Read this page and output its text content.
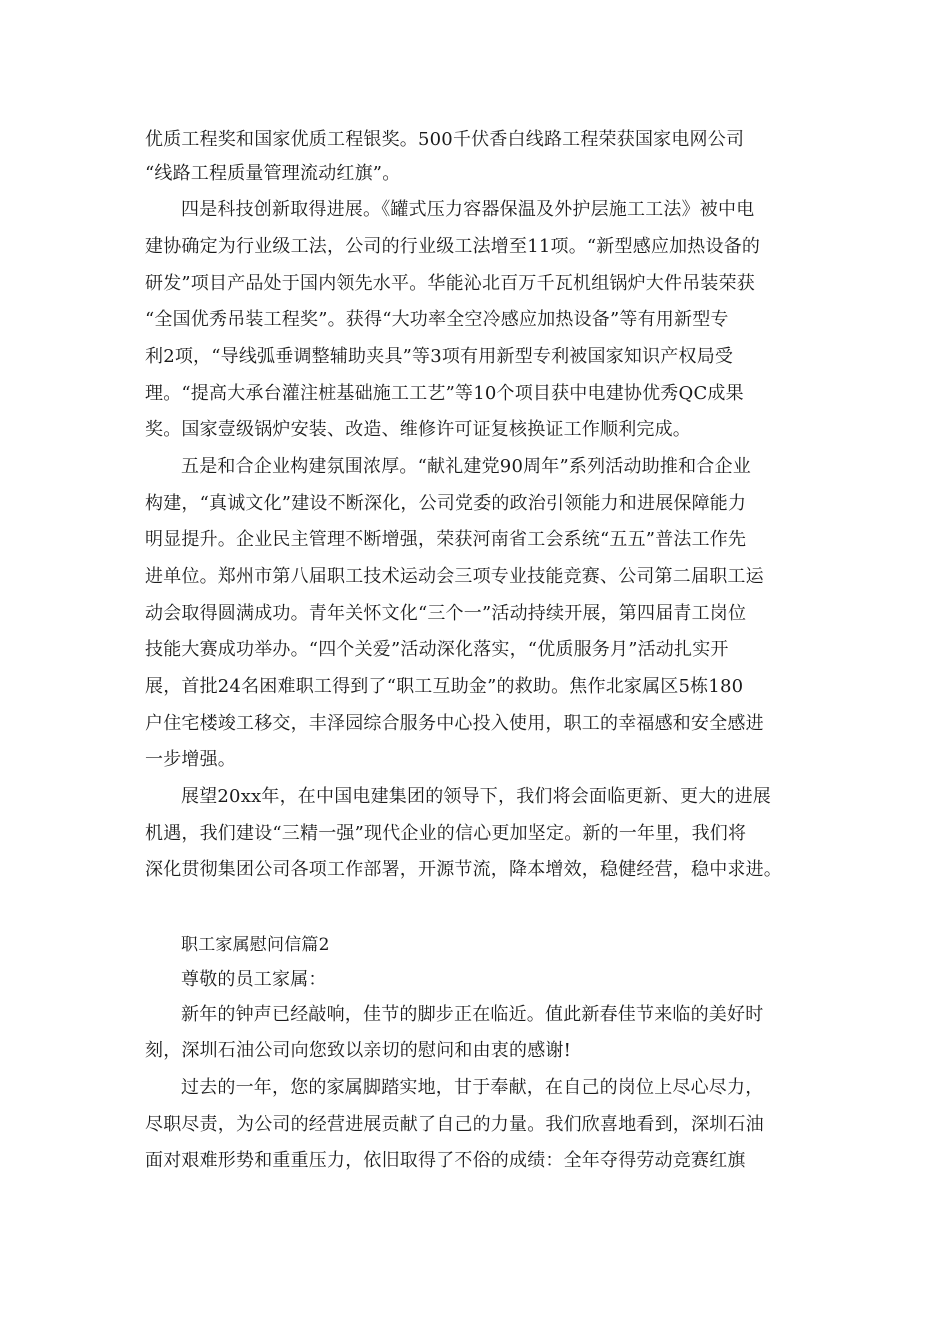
优质工程奖和国家优质工程银奖。500千伏香白线路工程荣获国家电网公司
“线路工程质量管理流动红旗”。
四是科技创新取得进展。《罐式压力容器保温及外护层施工工法》被中电
建协确定为行业级工法，公司的行业级工法增至11项。“新型感应加热设备的
研发”项目产品处于国内领先水平。华能沁北百万千瓦机组锅炉大件吊装荣获
“全国优秀吊装工程奖”。获得“大功率全空冷感应加热设备”等有用新型专
利2项，“导线弧垂调整辅助夹具”等3项有用新型专利被国家知识产权局受
理。“提高大承台灌注桩基础施工工艺”等10个项目获中电建协优秀QC成果
奖。国家壹级锅炉安装、改造、维修许可证复核换证工作顺利完成。
五是和合企业构建氛围浓厚。“献礼建党90周年”系列活动助推和合企业
构建，“真诚文化”建设不断深化，公司党委的政治引领能力和进展保障能力
明显提升。企业民主管理不断增强，荣获河南省工会系统“五五”普法工作先
进单位。郑州市第八届职工技术运动会三项专业技能竞赛、公司第二届职工运
动会取得圆满成功。青年关怀文化“三个一”活动持续开展，第四届青工岗位
技能大赛成功举办。“四个关爱”活动深化落实，“优质服务月”活动扎实开
展，首批24名困难职工得到了“职工互助金”的救助。焦作北家属区5栋180
户住宅楼竣工移交，丰泽园综合服务中心投入使用，职工的幸福感和安全感进
一步增强。
展望20xx年，在中国电建集团的领导下，我们将会面临更新、更大的进展
机遇，我们建设“三精一强”现代企业的信心更加坚定。新的一年里，我们将
深化贯彻集团公司各项工作部署，开源节流，降本增效，稳健经营，稳中求进。
职工家属慰问信篇2
尊敬的员工家属：
新年的钟声已经敲响，佳节的脚步正在临近。值此新春佳节来临的美好时
刻，深圳石油公司向您致以亲切的慰问和由衷的感谢!
过去的一年，您的家属脚踏实地，甘于奉献，在自己的岗位上尽心尽力，
尽职尽责，为公司的经营进展贡献了自己的力量。我们欣喜地看到，深圳石油
面对艰难形势和重重压力，依旧取得了不俗的成绩：全年夺得劳动竞赛红旗
